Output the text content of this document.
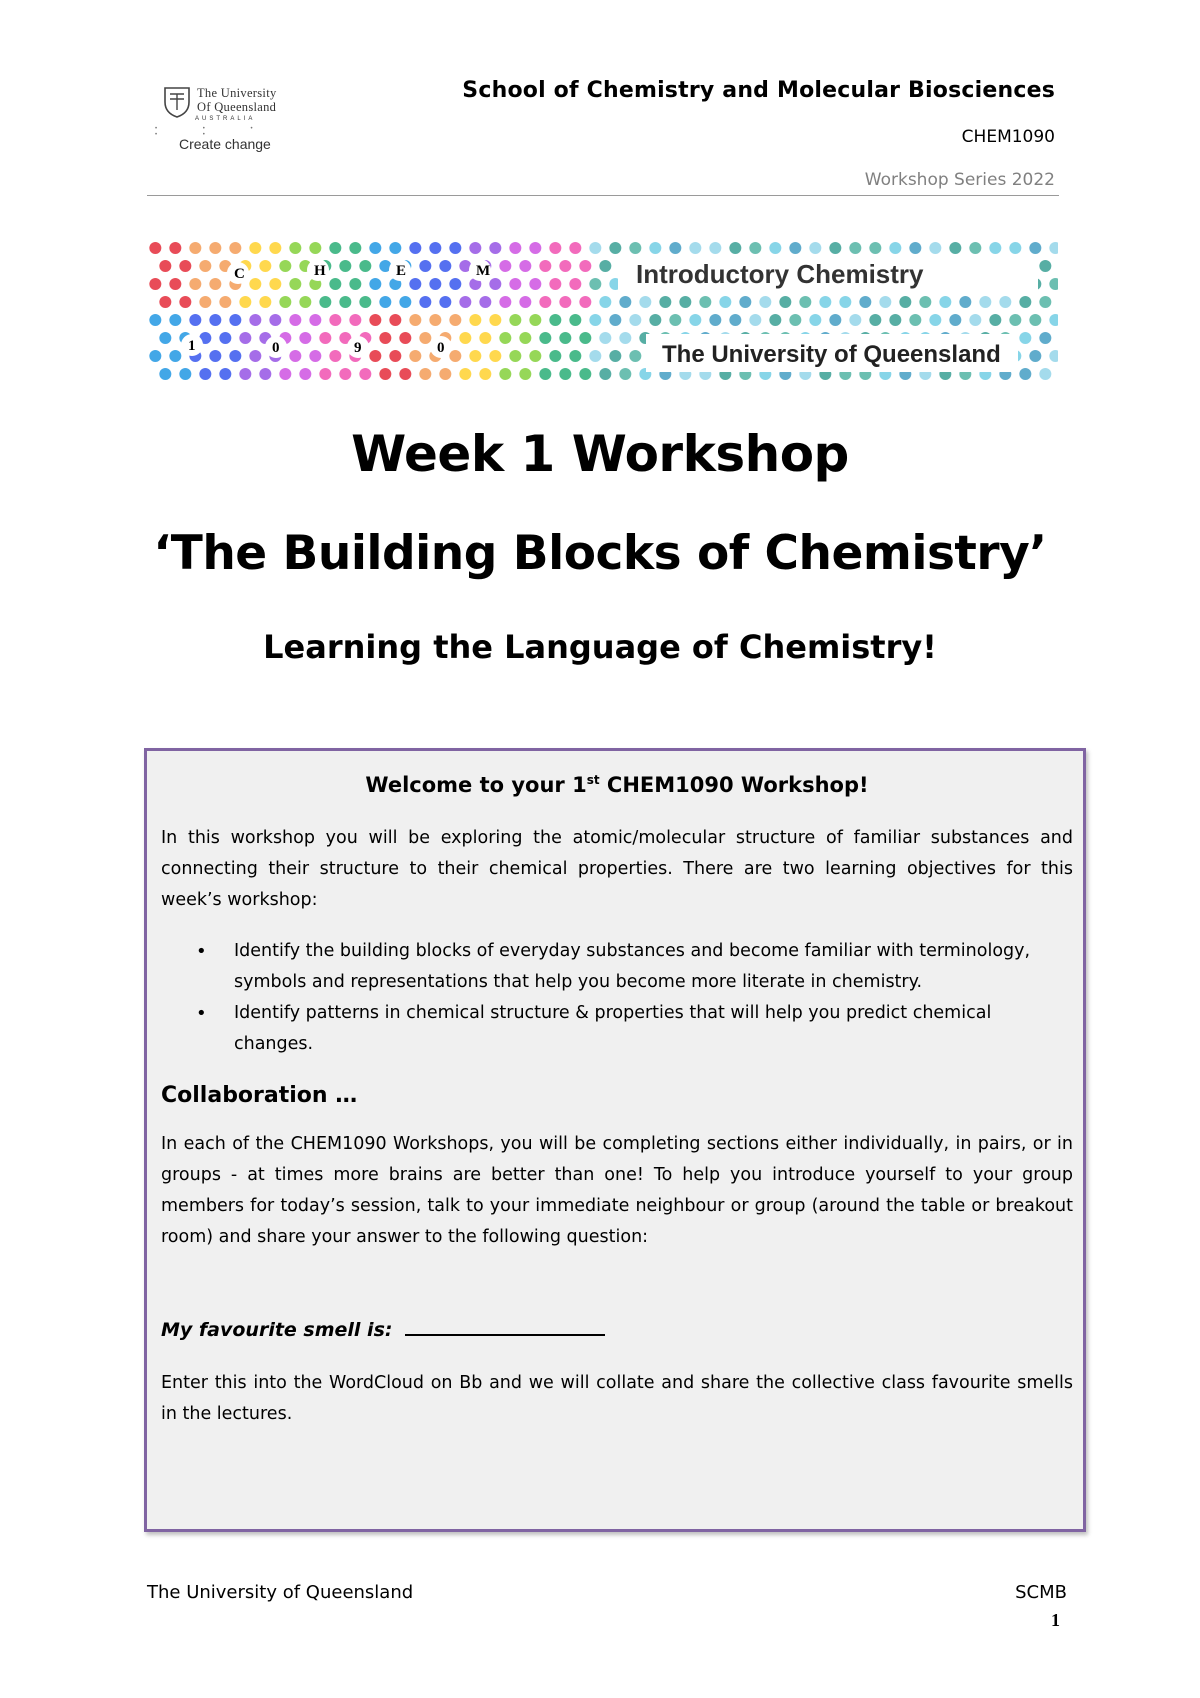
The University
Of Queensland
AUSTRALIA
• • • • •
Create change
School of Chemistry and Molecular Biosciences
CHEM1090
Workshop Series 2022
Introductory Chemistry
The University of Queensland
C	H	E	M
1	0	9	0
Week 1 Workshop
‘The Building Blocks of Chemistry’
Learning the Language of Chemistry!
Welcome to your 1st CHEM1090 Workshop!
In this workshop you will be exploring the atomic/molecular structure of familiar substances and connecting their structure to their chemical properties. There are two learning objectives for this week’s workshop:
• Identify the building blocks of everyday substances and become familiar with terminology, symbols and representations that help you become more literate in chemistry.
• Identify patterns in chemical structure & properties that will help you predict chemical changes.
Collaboration …
In each of the CHEM1090 Workshops, you will be completing sections either individually, in pairs, or in groups - at times more brains are better than one! To help you introduce yourself to your group members for today’s session, talk to your immediate neighbour or group (around the table or breakout room) and share your answer to the following question:
My favourite smell is:
Enter this into the WordCloud on Bb and we will collate and share the collective class favourite smells in the lectures.
The University of Queensland	SCMB
1
